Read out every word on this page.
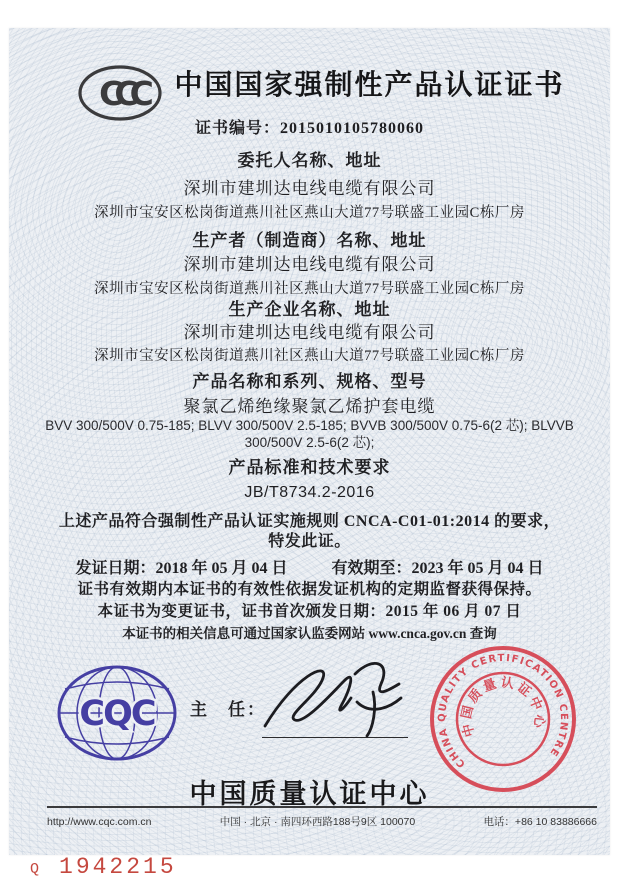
CCC	中国国家强制性产品认证证书
证书编号：2015010105780060
委托人名称、地址
深圳市建圳达电线电缆有限公司
深圳市宝安区松岗街道燕川社区燕山大道77号联盛工业园C栋厂房
生产者（制造商）名称、地址
深圳市建圳达电线电缆有限公司
深圳市宝安区松岗街道燕川社区燕山大道77号联盛工业园C栋厂房
生产企业名称、地址
深圳市建圳达电线电缆有限公司
深圳市宝安区松岗街道燕川社区燕山大道77号联盛工业园C栋厂房
产品名称和系列、规格、型号
聚氯乙烯绝缘聚氯乙烯护套电缆
BVV 300/500V 0.75-185; BLVV 300/500V 2.5-185; BVVB 300/500V 0.75-6(2 芯); BLVVB 300/500V 2.5-6(2 芯);
产品标准和技术要求
JB/T8734.2-2016
上述产品符合强制性产品认证实施规则 CNCA-C01-01:2014 的要求，
特发此证。
发证日期：2018 年 05 月 04 日	有效期至：2023 年 05 月 04 日
证书有效期内本证书的有效性依据发证机构的定期监督获得保持。
本证书为变更证书，证书首次颁发日期：2015 年 06 月 07 日
本证书的相关信息可通过国家认监委网站 www.cnca.gov.cn 查询
CQC 主　任：
CHINA QUALITY CERTIFICATION CENTRE
中国质量认证中心
中国质量认证中心
http://www.cqc.com.cn	中国 · 北京 · 南四环西路188号9区 100070	电话：+86 10 83886666
Q 1942215
